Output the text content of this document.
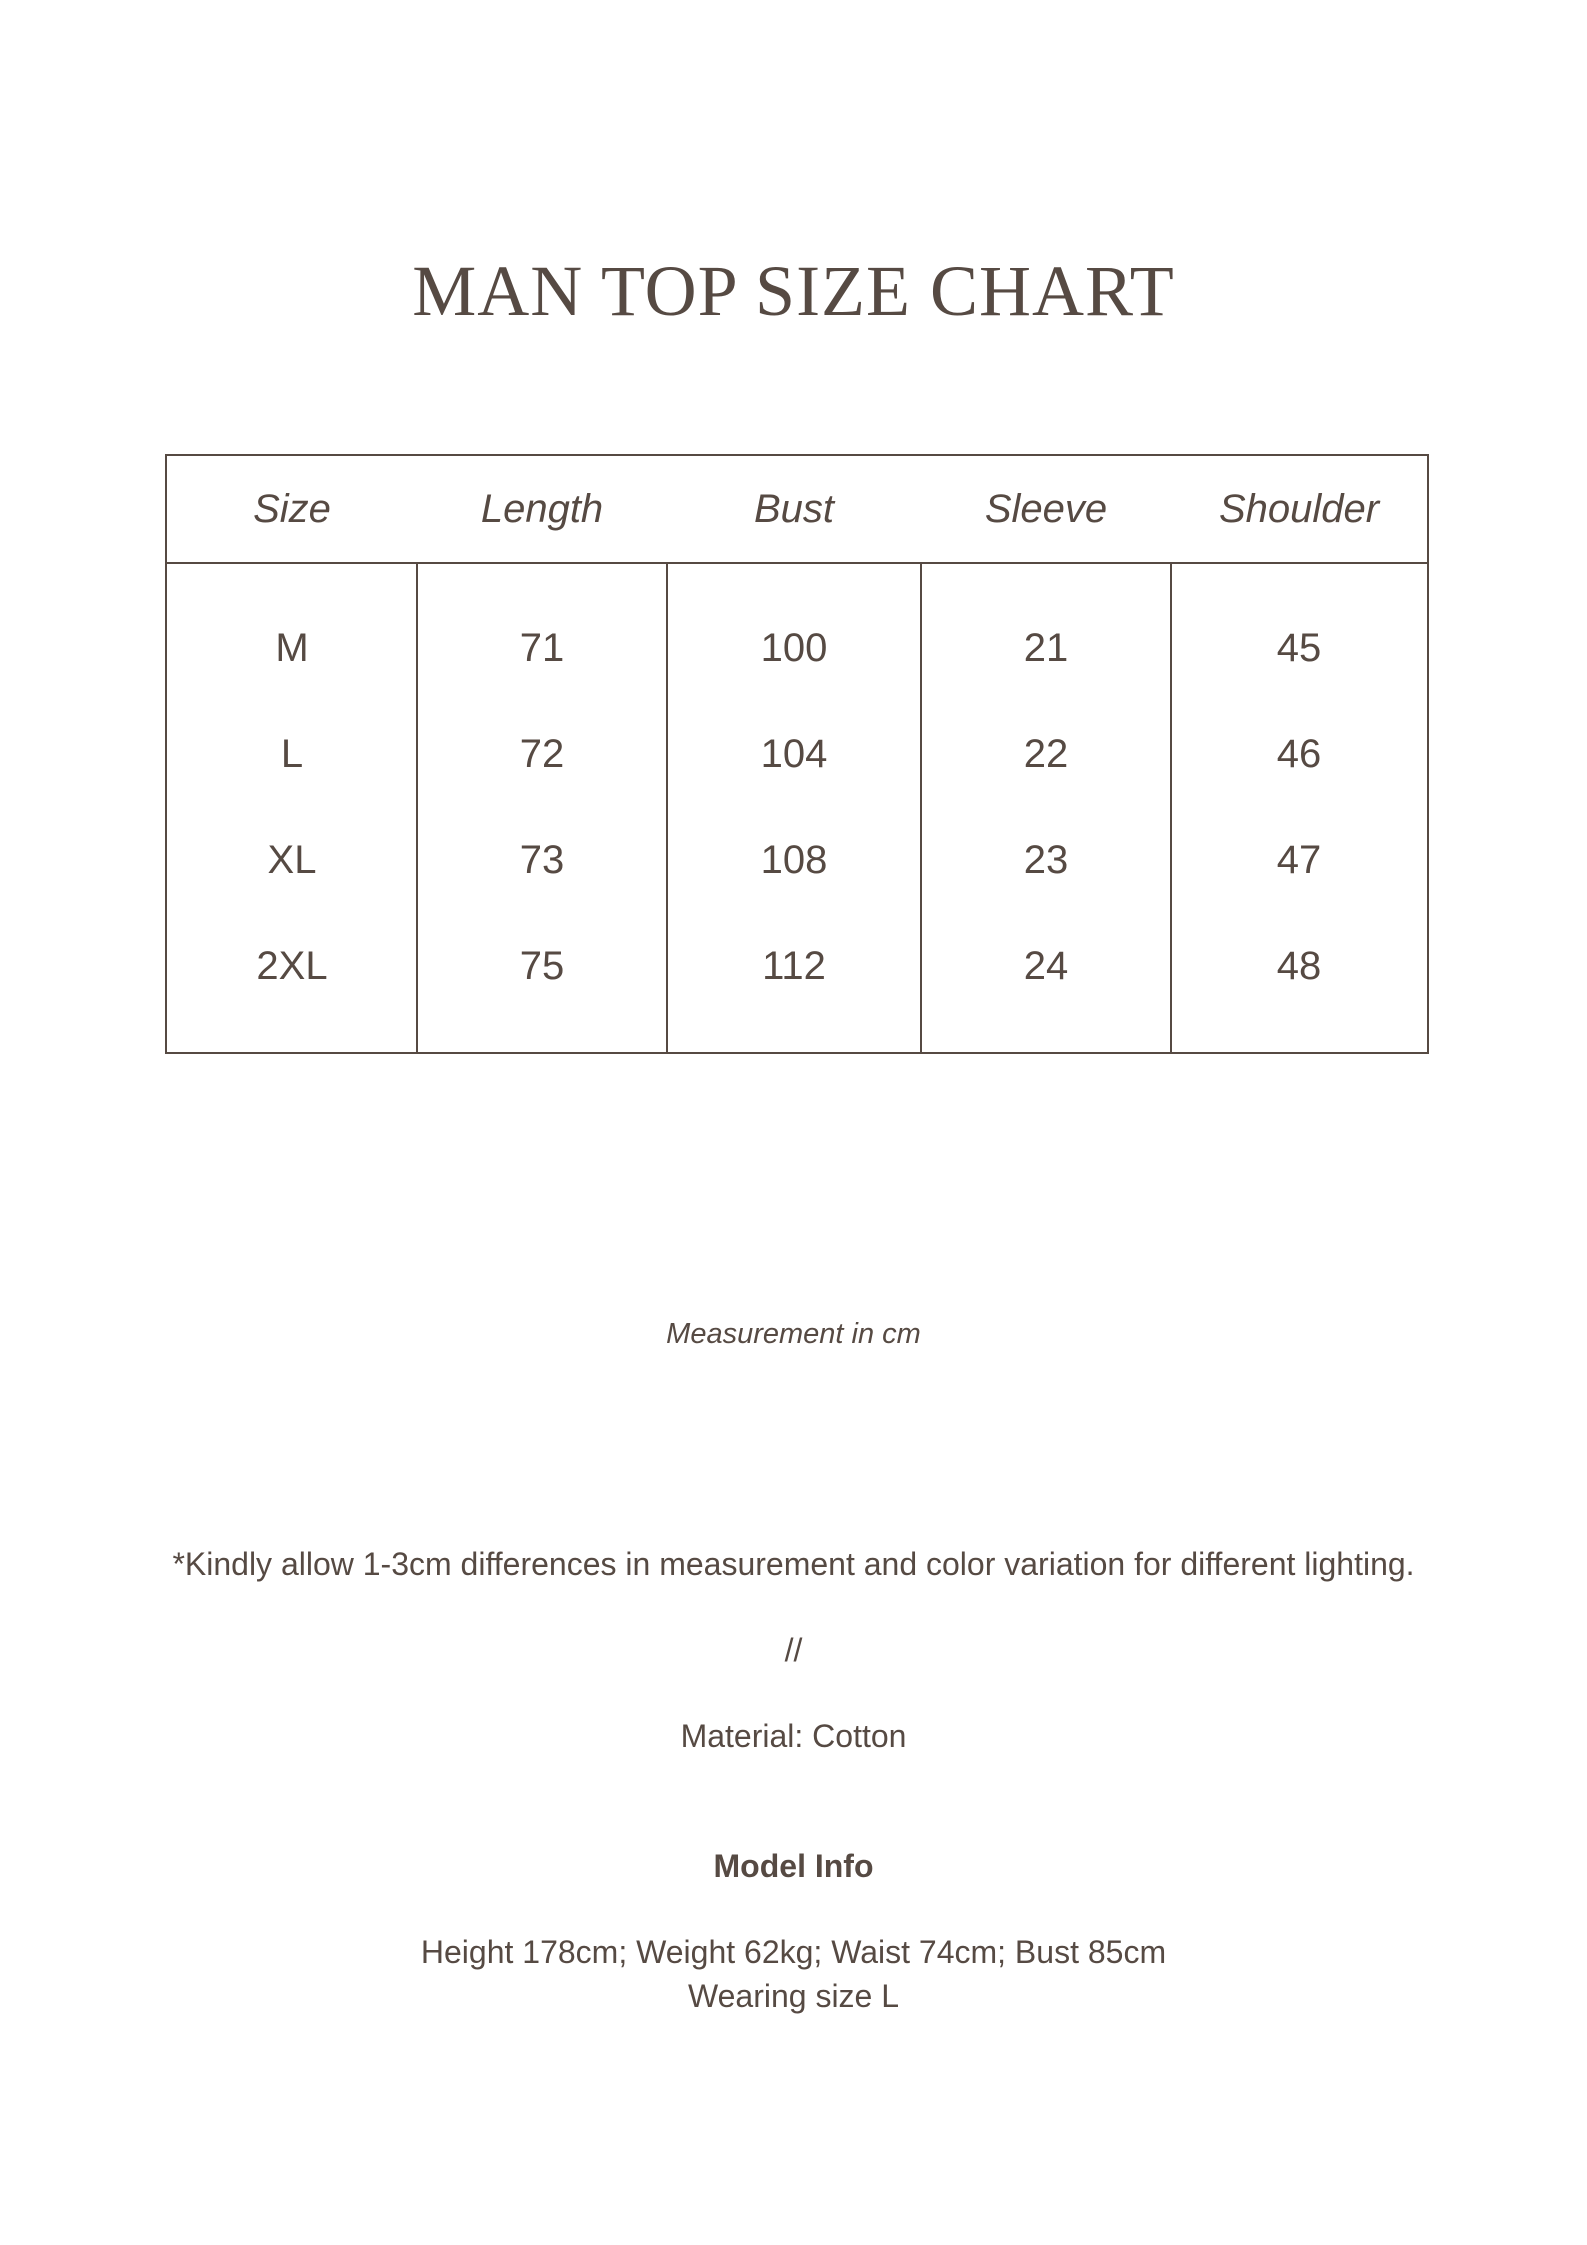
MAN TOP SIZE CHART
Size	Length	Bust	Sleeve	Shoulder
M	71	100	21	45
L	72	104	22	46
XL	73	108	23	47
2XL	75	112	24	48
Measurement in cm
*Kindly allow 1-3cm differences in measurement and color variation for different lighting.
//
Material: Cotton
Model Info
Height 178cm; Weight 62kg; Waist 74cm; Bust 85cm
Wearing size L
